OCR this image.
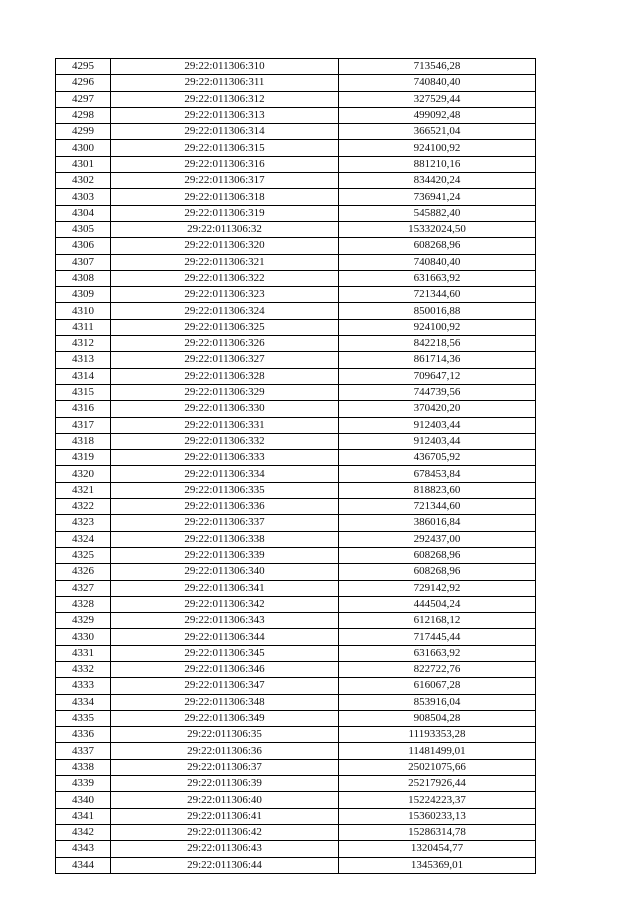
4295	29:22:011306:310	713546,28
4296	29:22:011306:311	740840,40
4297	29:22:011306:312	327529,44
4298	29:22:011306:313	499092,48
4299	29:22:011306:314	366521,04
4300	29:22:011306:315	924100,92
4301	29:22:011306:316	881210,16
4302	29:22:011306:317	834420,24
4303	29:22:011306:318	736941,24
4304	29:22:011306:319	545882,40
4305	29:22:011306:32	15332024,50
4306	29:22:011306:320	608268,96
4307	29:22:011306:321	740840,40
4308	29:22:011306:322	631663,92
4309	29:22:011306:323	721344,60
4310	29:22:011306:324	850016,88
4311	29:22:011306:325	924100,92
4312	29:22:011306:326	842218,56
4313	29:22:011306:327	861714,36
4314	29:22:011306:328	709647,12
4315	29:22:011306:329	744739,56
4316	29:22:011306:330	370420,20
4317	29:22:011306:331	912403,44
4318	29:22:011306:332	912403,44
4319	29:22:011306:333	436705,92
4320	29:22:011306:334	678453,84
4321	29:22:011306:335	818823,60
4322	29:22:011306:336	721344,60
4323	29:22:011306:337	386016,84
4324	29:22:011306:338	292437,00
4325	29:22:011306:339	608268,96
4326	29:22:011306:340	608268,96
4327	29:22:011306:341	729142,92
4328	29:22:011306:342	444504,24
4329	29:22:011306:343	612168,12
4330	29:22:011306:344	717445,44
4331	29:22:011306:345	631663,92
4332	29:22:011306:346	822722,76
4333	29:22:011306:347	616067,28
4334	29:22:011306:348	853916,04
4335	29:22:011306:349	908504,28
4336	29:22:011306:35	11193353,28
4337	29:22:011306:36	11481499,01
4338	29:22:011306:37	25021075,66
4339	29:22:011306:39	25217926,44
4340	29:22:011306:40	15224223,37
4341	29:22:011306:41	15360233,13
4342	29:22:011306:42	15286314,78
4343	29:22:011306:43	1320454,77
4344	29:22:011306:44	1345369,01
